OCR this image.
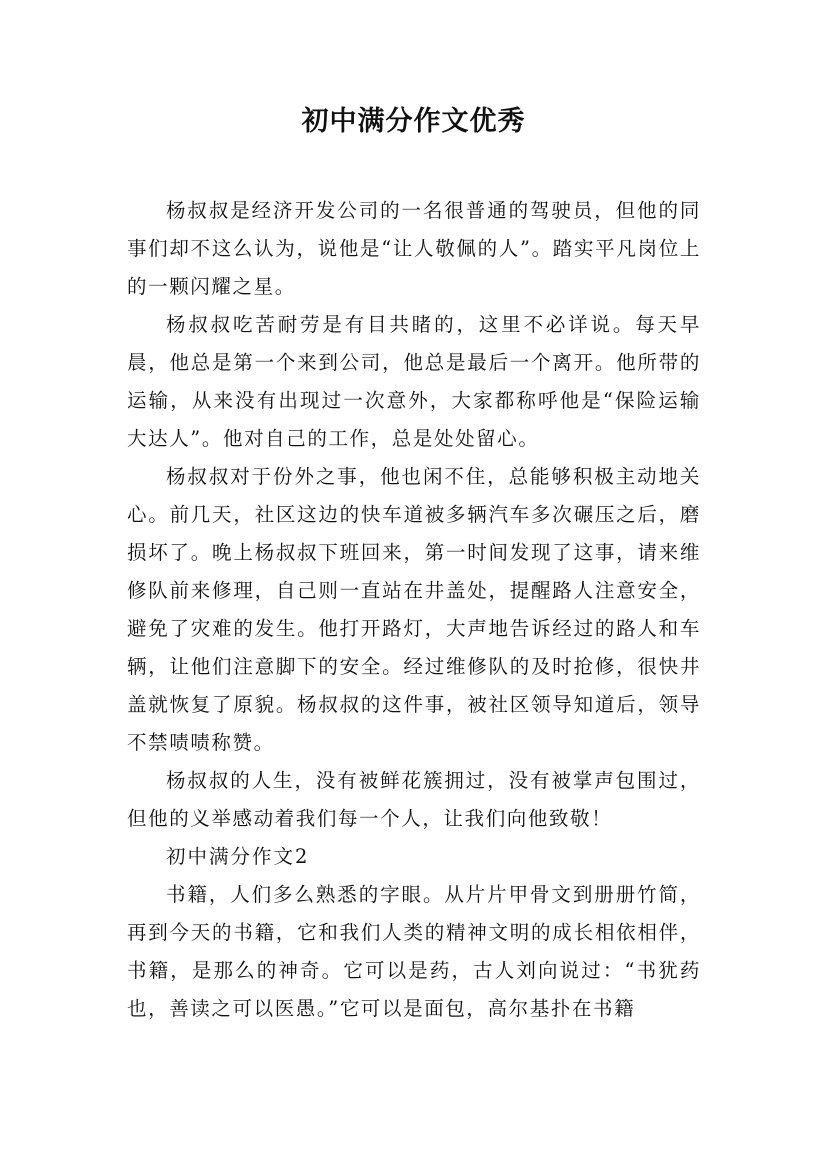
初中满分作文优秀

杨叔叔是经济开发公司的一名很普通的驾驶员，但他的同事们却不这么认为，说他是“让人敬佩的人”。踏实平凡岗位上的一颗闪耀之星。

杨叔叔吃苦耐劳是有目共睹的，这里不必详说。每天早晨，他总是第一个来到公司，他总是最后一个离开。他所带的运输，从来没有出现过一次意外，大家都称呼他是“保险运输大达人”。他对自己的工作，总是处处留心。

杨叔叔对于份外之事，他也闲不住，总能够积极主动地关心。前几天，社区这边的快车道被多辆汽车多次碾压之后，磨损坏了。晚上杨叔叔下班回来，第一时间发现了这事，请来维修队前来修理，自己则一直站在井盖处，提醒路人注意安全，避免了灾难的发生。他打开路灯，大声地告诉经过的路人和车辆，让他们注意脚下的安全。经过维修队的及时抢修，很快井盖就恢复了原貌。杨叔叔的这件事，被社区领导知道后，领导不禁啧啧称赞。

杨叔叔的人生，没有被鲜花簇拥过，没有被掌声包围过，但他的义举感动着我们每一个人，让我们向他致敬！

初中满分作文2

书籍，人们多么熟悉的字眼。从片片甲骨文到册册竹简，再到今天的书籍，它和我们人类的精神文明的成长相依相伴，书籍，是那么的神奇。它可以是药，古人刘向说过：“书犹药也，善读之可以医愚。”它可以是面包，高尔基扑在书籍
